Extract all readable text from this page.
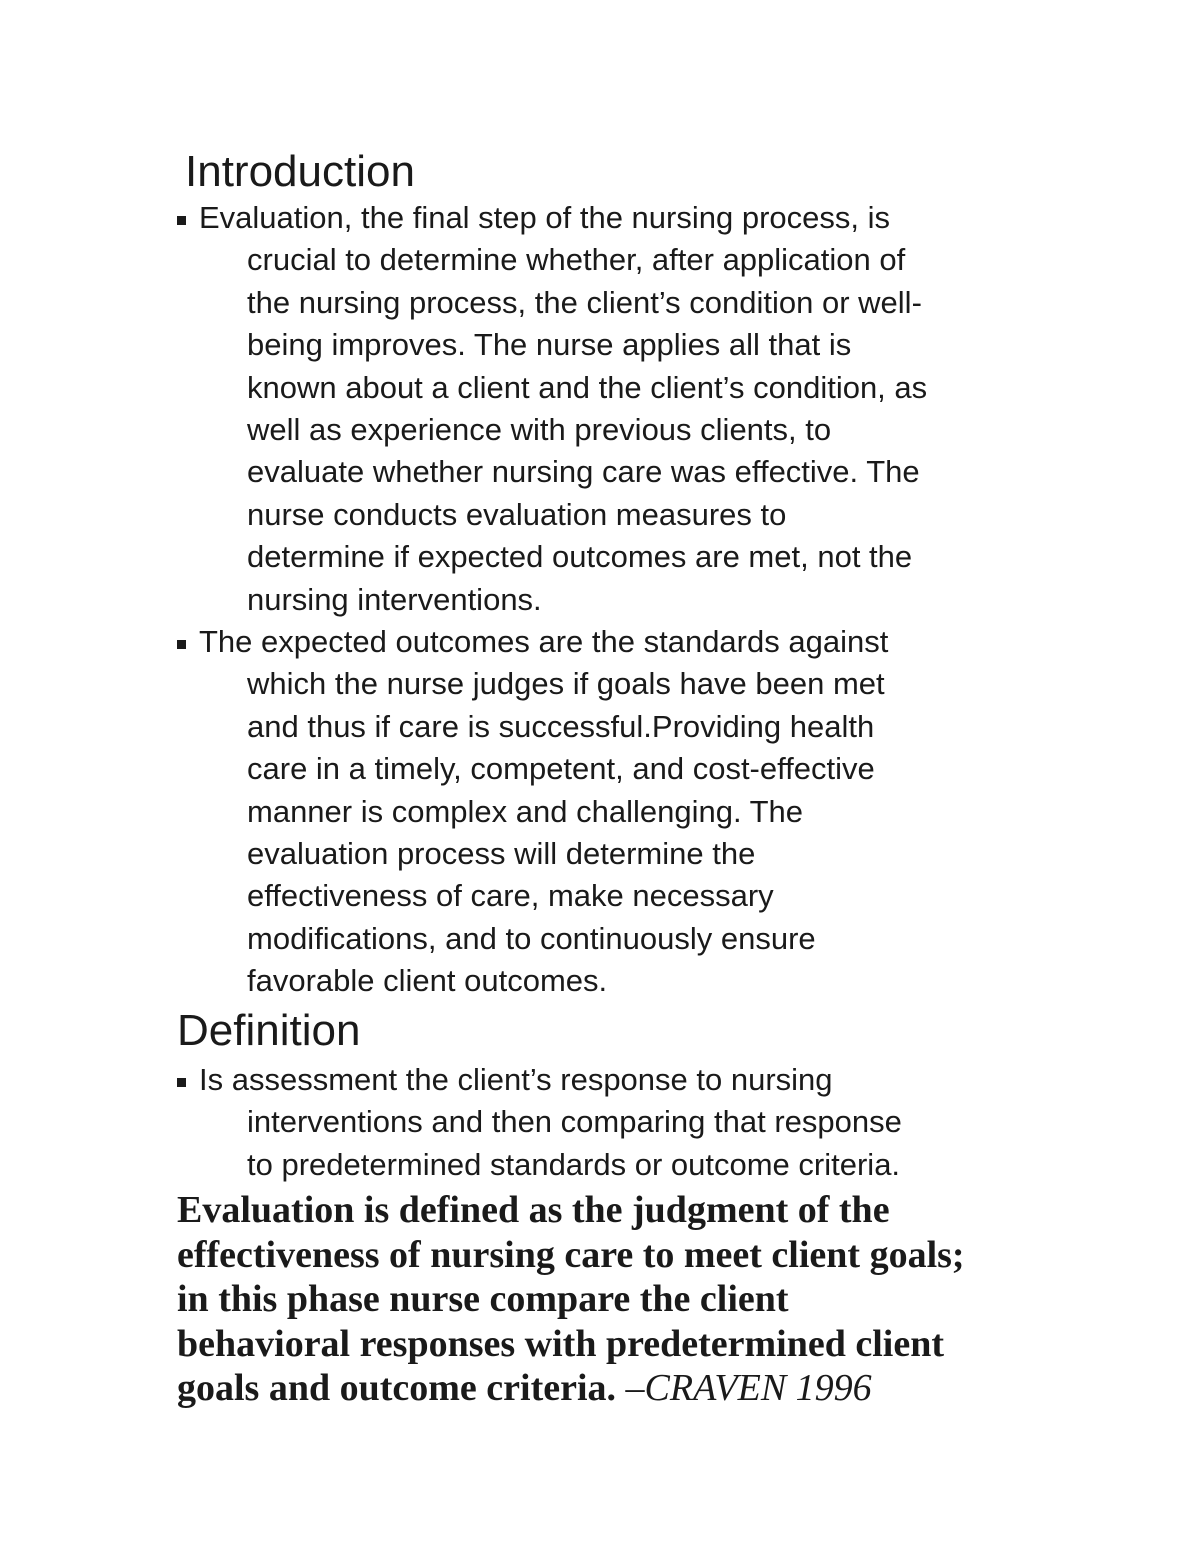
Introduction
Evaluation, the final step of the nursing process, is
crucial to determine whether, after application of
the nursing process, the client’s condition or well-
being improves. The nurse applies all that is
known about a client and the client’s condition, as
well as experience with previous clients, to
evaluate whether nursing care was effective. The
nurse conducts evaluation measures to
determine if expected outcomes are met, not the
nursing interventions.
The expected outcomes are the standards against
which the nurse judges if goals have been met
and thus if care is successful.Providing health
care in a timely, competent, and cost-effective
manner is complex and challenging. The
evaluation process will determine the
effectiveness of care, make necessary
modifications, and to continuously ensure
favorable client outcomes.
Definition
Is assessment the client’s response to nursing
interventions and then comparing that response
to predetermined standards or outcome criteria.
Evaluation is defined as the judgment of the
effectiveness of nursing care to meet client goals;
in this phase nurse compare the client
behavioral responses with predetermined client
goals and outcome criteria. –CRAVEN 1996
